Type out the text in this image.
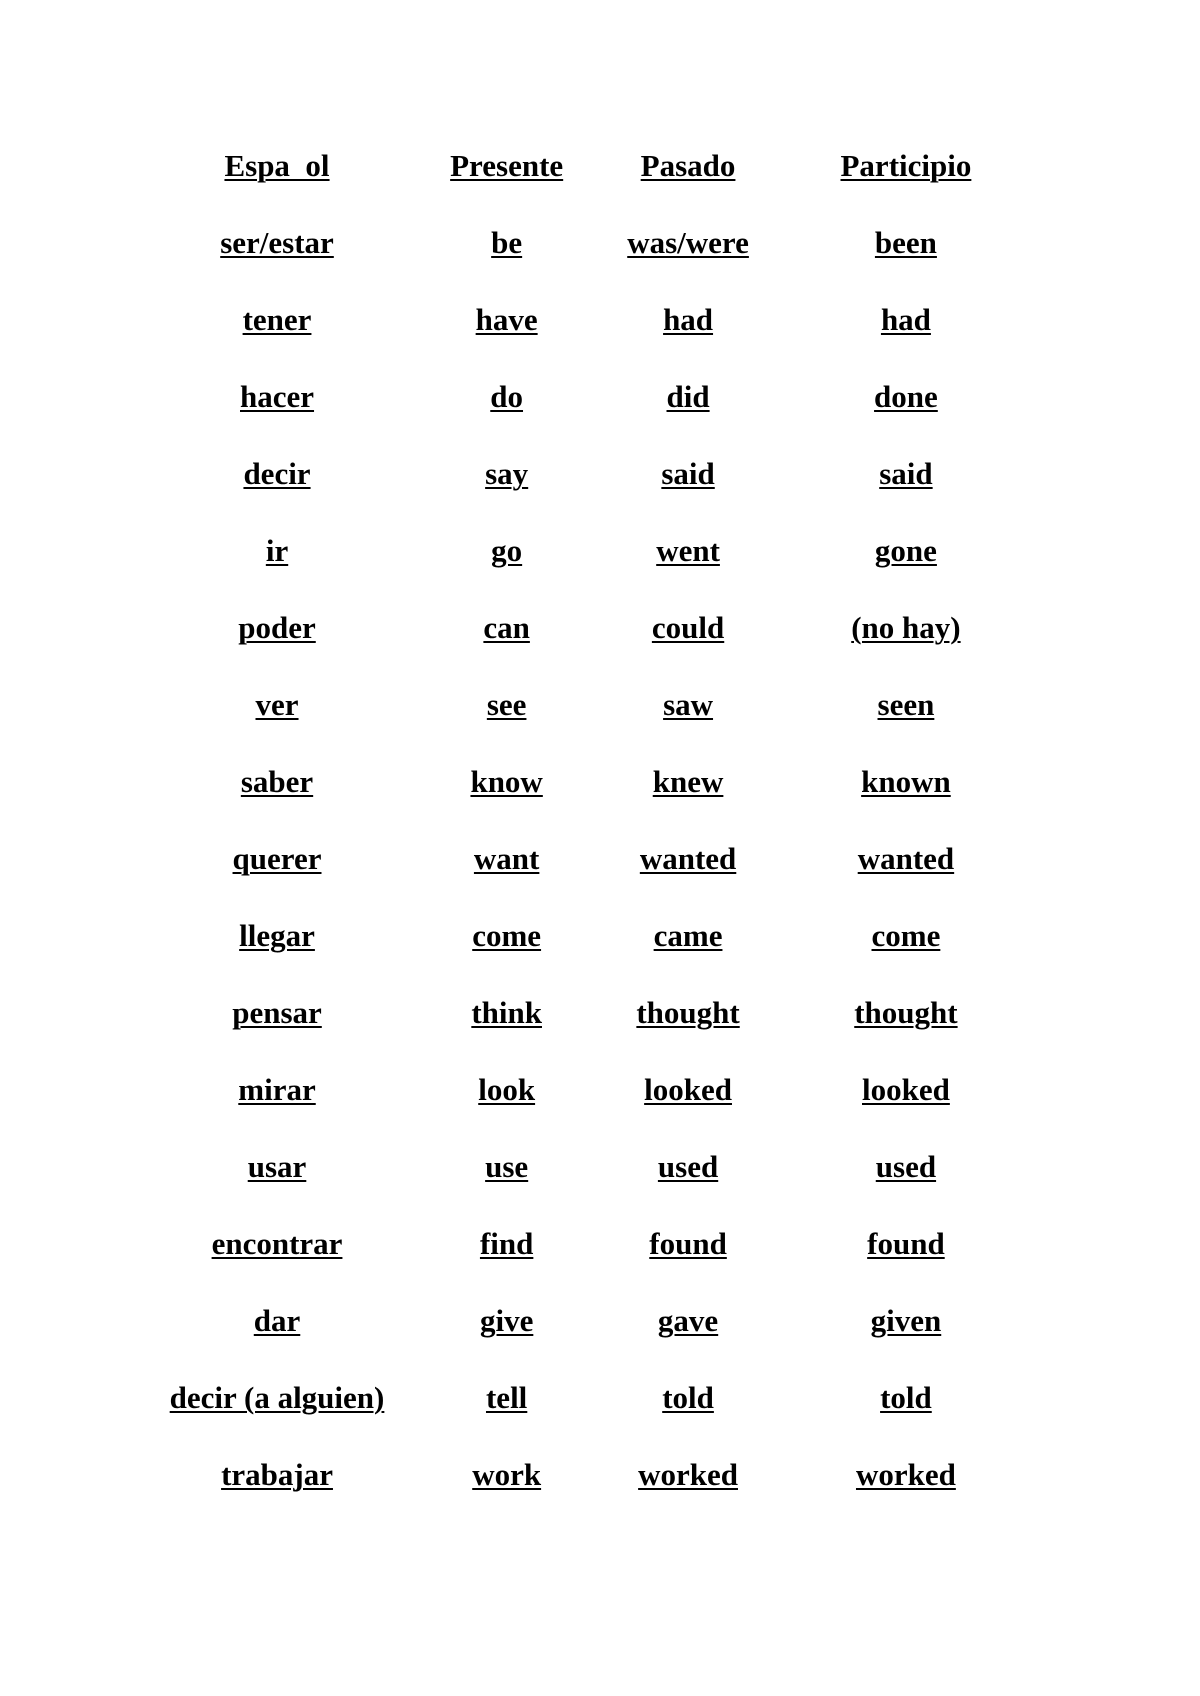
Espa  ol	Presente	Pasado	Participio
ser/estar	be	was/were	been
tener	have	had	had
hacer	do	did	done
decir	say	said	said
ir	go	went	gone
poder	can	could	(no hay)
ver	see	saw	seen
saber	know	knew	known
querer	want	wanted	wanted
llegar	come	came	come
pensar	think	thought	thought
mirar	look	looked	looked
usar	use	used	used
encontrar	find	found	found
dar	give	gave	given
decir (a alguien)	tell	told	told
trabajar	work	worked	worked
